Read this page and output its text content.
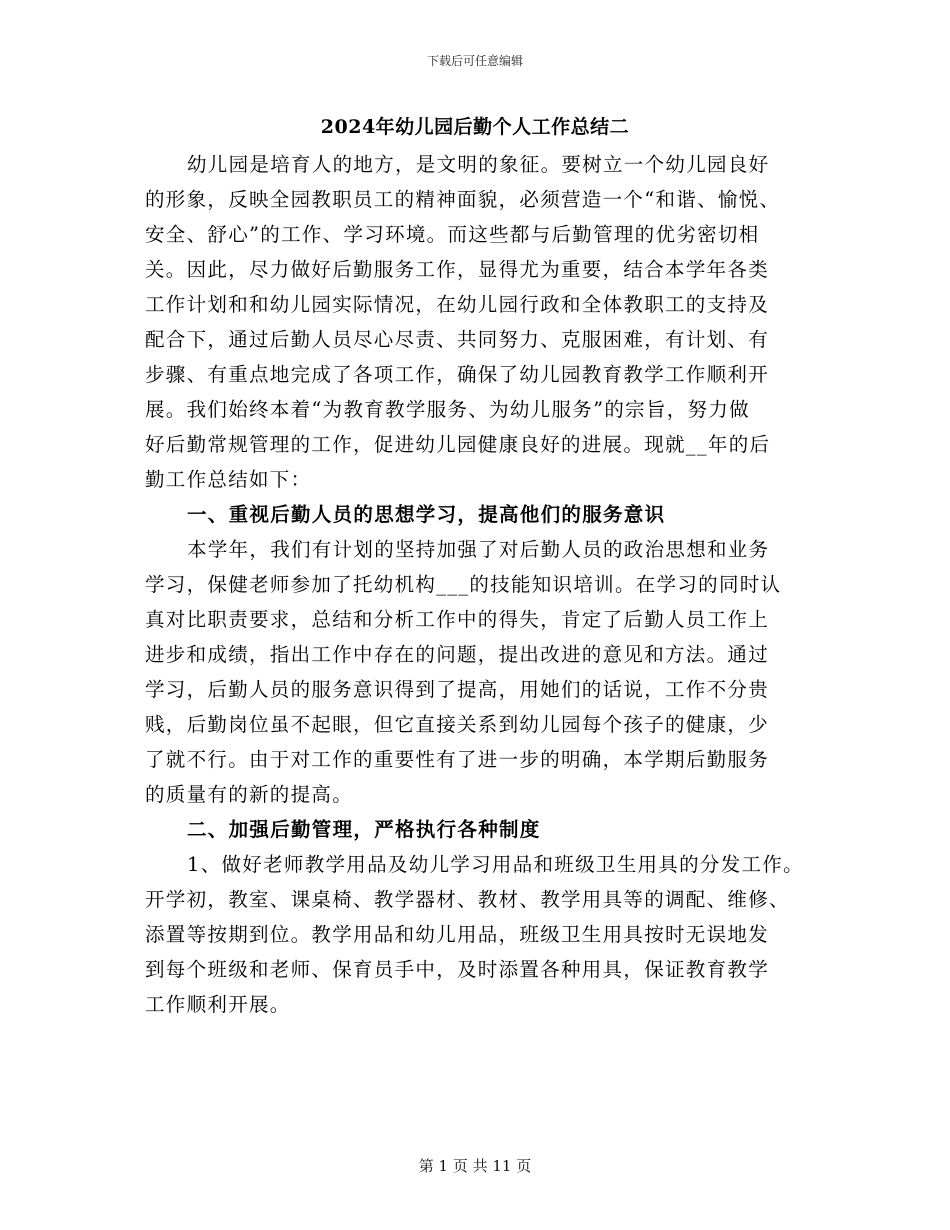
下载后可任意编辑
2024年幼儿园后勤个人工作总结二
幼儿园是培育人的地方，是文明的象征。要树立一个幼儿园良好
的形象，反映全园教职员工的精神面貌，必须营造一个“和谐、愉悦、
安全、舒心”的工作、学习环境。而这些都与后勤管理的优劣密切相
关。因此，尽力做好后勤服务工作，显得尤为重要，结合本学年各类
工作计划和和幼儿园实际情况，在幼儿园行政和全体教职工的支持及
配合下，通过后勤人员尽心尽责、共同努力、克服困难，有计划、有
步骤、有重点地完成了各项工作，确保了幼儿园教育教学工作顺利开
展。我们始终本着“为教育教学服务、为幼儿服务”的宗旨，努力做
好后勤常规管理的工作，促进幼儿园健康良好的进展。现就__年的后
勤工作总结如下：
一、重视后勤人员的思想学习，提高他们的服务意识
本学年，我们有计划的坚持加强了对后勤人员的政治思想和业务
学习，保健老师参加了托幼机构___的技能知识培训。在学习的同时认
真对比职责要求，总结和分析工作中的得失，肯定了后勤人员工作上
进步和成绩，指出工作中存在的问题，提出改进的意见和方法。通过
学习，后勤人员的服务意识得到了提高，用她们的话说，工作不分贵
贱，后勤岗位虽不起眼，但它直接关系到幼儿园每个孩子的健康，少
了就不行。由于对工作的重要性有了进一步的明确，本学期后勤服务
的质量有的新的提高。
二、加强后勤管理，严格执行各种制度
1、做好老师教学用品及幼儿学习用品和班级卫生用具的分发工作。
开学初，教室、课桌椅、教学器材、教材、教学用具等的调配、维修、
添置等按期到位。教学用品和幼儿用品，班级卫生用具按时无误地发
到每个班级和老师、保育员手中，及时添置各种用具，保证教育教学
工作顺利开展。
第 1 页 共 11 页
